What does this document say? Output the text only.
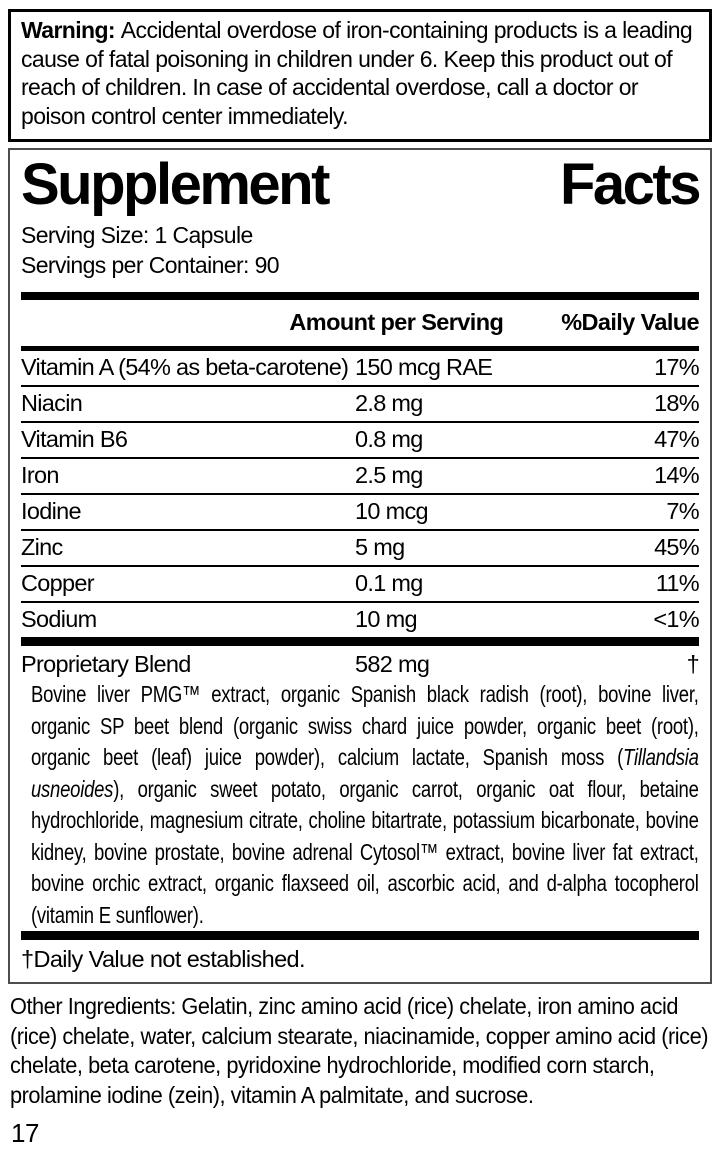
Warning: Accidental overdose of iron-containing products is a leading cause of fatal poisoning in children under 6. Keep this product out of reach of children. In case of accidental overdose, call a doctor or poison control center immediately.
Supplement	Facts
Serving Size: 1 Capsule
Servings per Container: 90
Amount per Serving %Daily Value
Vitamin A (54% as beta-carotene) 150 mcg RAE	17%
Niacin	2.8 mg	18%
Vitamin B6	0.8 mg	47%
Iron	2.5 mg	14%
Iodine	10 mcg	7%
Zinc	5 mg	45%
Copper	0.1 mg	11%
Sodium	10 mg	<1%
Proprietary Blend	582 mg	†
Bovine liver PMG™ extract, organic Spanish black radish (root), bovine liver, organic SP beet blend (organic swiss chard juice powder, organic beet (root), organic beet (leaf) juice powder), calcium lactate, Spanish moss (Tillandsia usneoides), organic sweet potato, organic carrot, organic oat flour, betaine hydrochloride, magnesium citrate, choline bitartrate, potassium bicarbonate, bovine kidney, bovine prostate, bovine adrenal Cytosol™ extract, bovine liver fat extract, bovine orchic extract, organic flaxseed oil, ascorbic acid, and d-alpha tocopherol (vitamin E sunflower).
†Daily Value not established.
Other Ingredients: Gelatin, zinc amino acid (rice) chelate, iron amino acid (rice) chelate, water, calcium stearate, niacinamide, copper amino acid (rice) chelate, beta carotene, pyridoxine hydrochloride, modified corn starch, prolamine iodine (zein), vitamin A palmitate, and sucrose.
17
